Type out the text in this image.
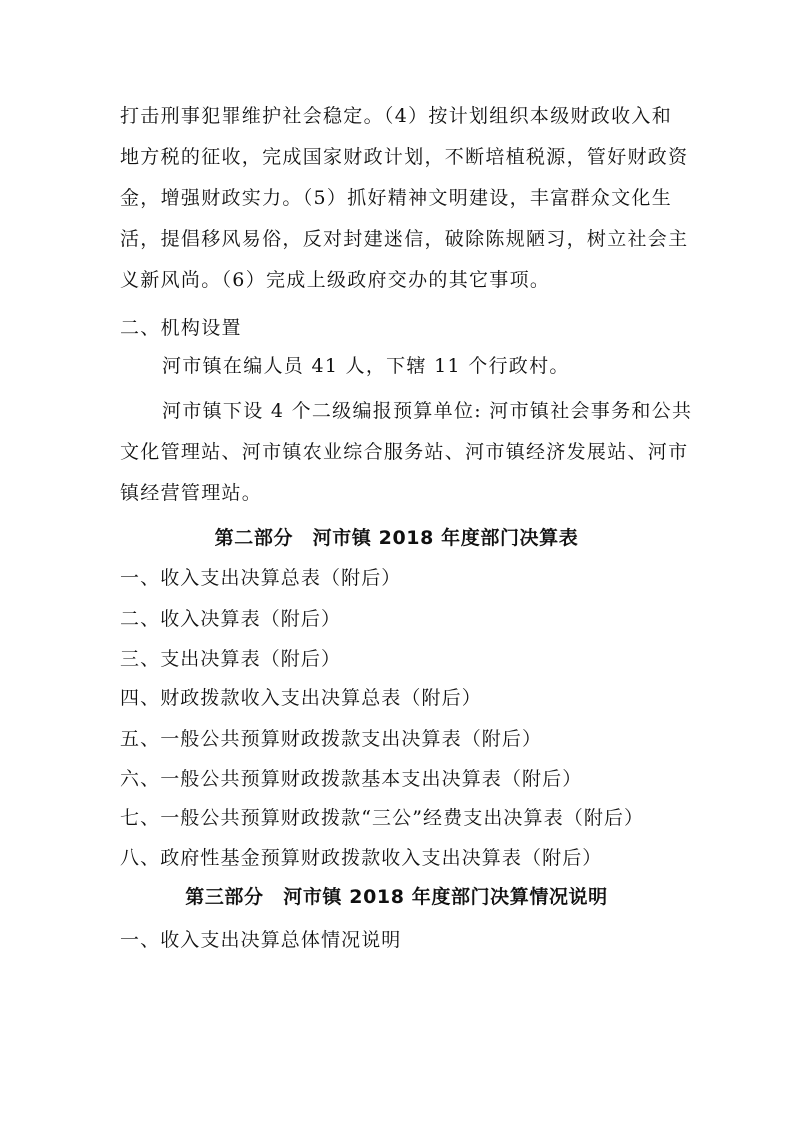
打击刑事犯罪维护社会稳定。（4）按计划组织本级财政收入和
地方税的征收，完成国家财政计划，不断培植税源，管好财政资
金，增强财政实力。（5）抓好精神文明建设，丰富群众文化生
活，提倡移风易俗，反对封建迷信，破除陈规陋习，树立社会主
义新风尚。（6）完成上级政府交办的其它事项。
二、机构设置
河市镇在编人员 41 人，下辖 11 个行政村。
河市镇下设 4 个二级编报预算单位: 河市镇社会事务和公共
文化管理站、河市镇农业综合服务站、河市镇经济发展站、河市
镇经营管理站。
第二部分　河市镇 2018 年度部门决算表
一、收入支出决算总表（附后）
二、收入决算表（附后）
三、支出决算表（附后）
四、财政拨款收入支出决算总表（附后）
五、一般公共预算财政拨款支出决算表（附后）
六、一般公共预算财政拨款基本支出决算表（附后）
七、一般公共预算财政拨款“三公”经费支出决算表（附后）
八、政府性基金预算财政拨款收入支出决算表（附后）
第三部分　河市镇 2018 年度部门决算情况说明
一、收入支出决算总体情况说明
